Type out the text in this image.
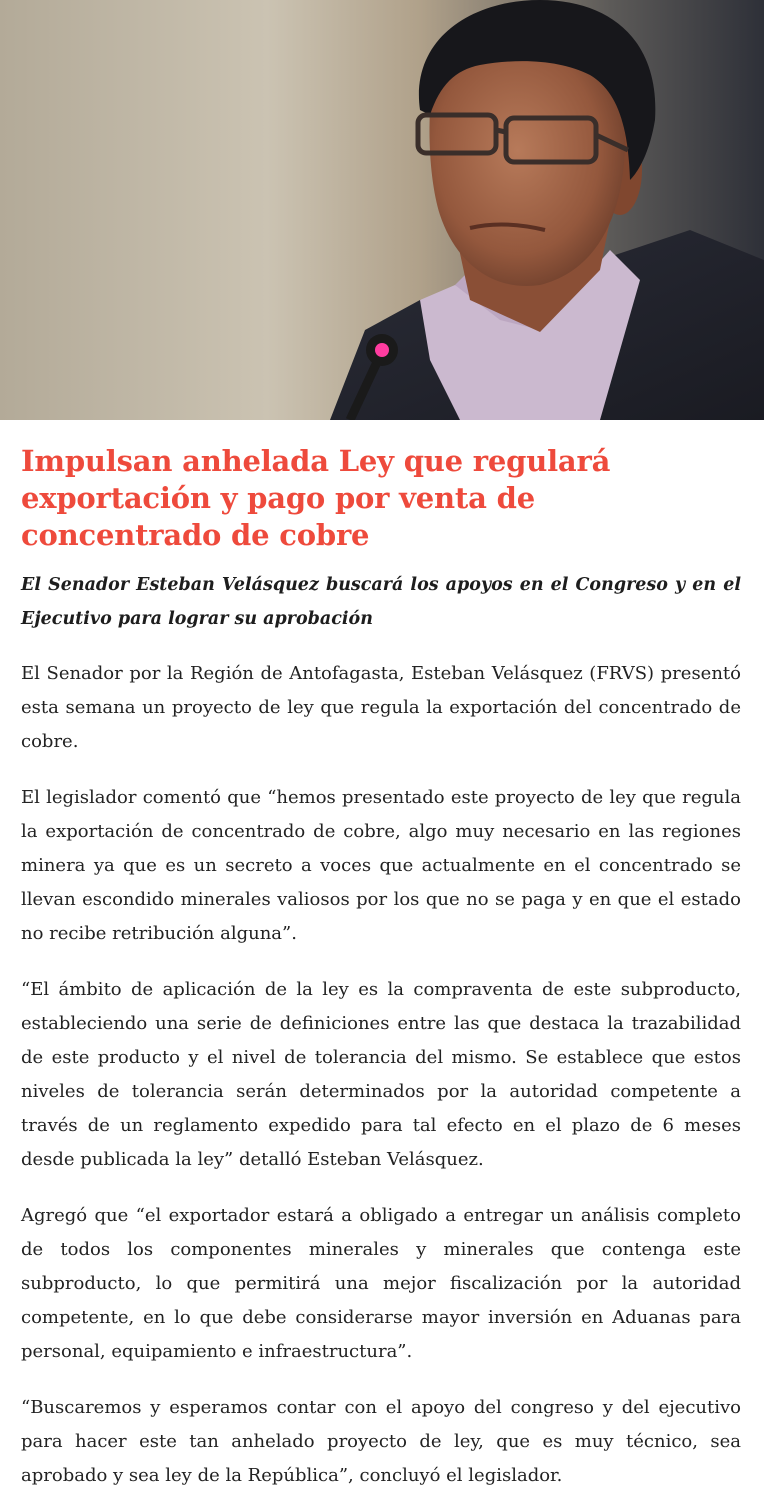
Impulsan anhelada Ley que regulará exportación y pago por venta de concentrado de cobre

El Senador Esteban Velásquez buscará los apoyos en el Congreso y en el Ejecutivo para lograr su aprobación

El Senador por la Región de Antofagasta, Esteban Velásquez (FRVS) presentó esta semana un proyecto de ley que regula la exportación del concentrado de cobre.

El legislador comentó que “hemos presentado este proyecto de ley que regula la exportación de concentrado de cobre, algo muy necesario en las regiones minera ya que es un secreto a voces que actualmente en el concentrado se llevan escondido minerales valiosos por los que no se paga y en que el estado no recibe retribución alguna”.

“El ámbito de aplicación de la ley es la compraventa de este subproducto, estableciendo una serie de definiciones entre las que destaca la trazabilidad de este producto y el nivel de tolerancia del mismo. Se establece que estos niveles de tolerancia serán determinados por la autoridad competente a través de un reglamento expedido para tal efecto en el plazo de 6 meses desde publicada la ley” detalló Esteban Velásquez.

Agregó que “el exportador estará a obligado a entregar un análisis completo de todos los componentes minerales y minerales que contenga este subproducto, lo que permitirá una mejor fiscalización por la autoridad competente, en lo que debe considerarse mayor inversión en Aduanas para personal, equipamiento e infraestructura”.

“Buscaremos y esperamos contar con el apoyo del congreso y del ejecutivo para hacer este tan anhelado proyecto de ley, que es muy técnico, sea aprobado y sea ley de la República”, concluyó el legislador.
